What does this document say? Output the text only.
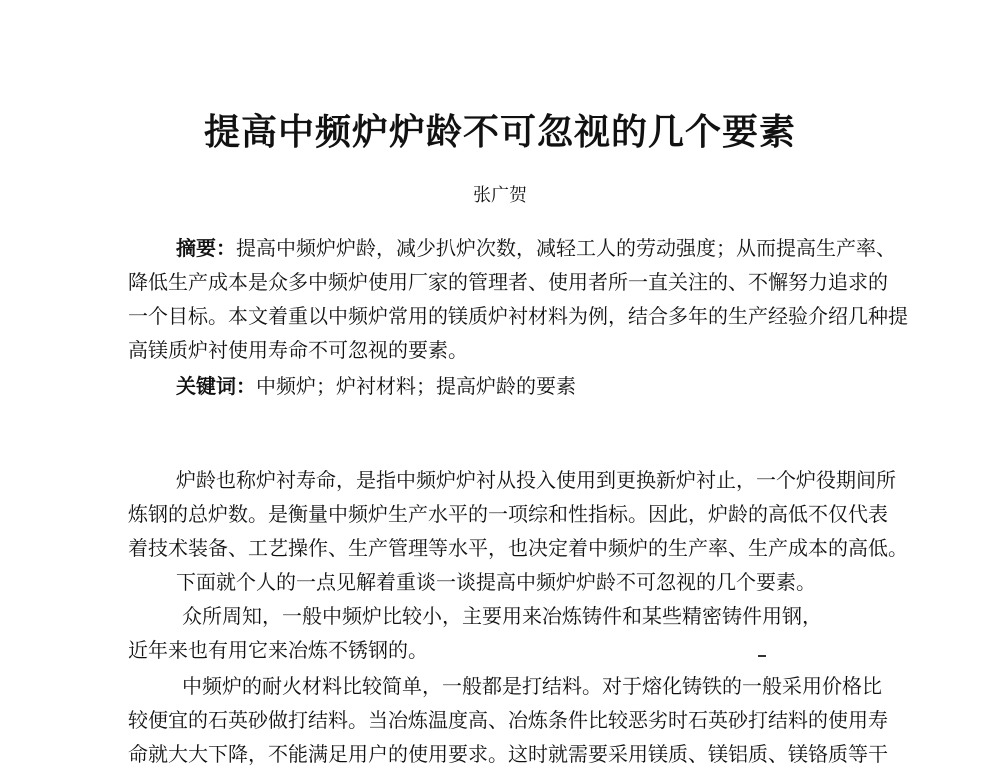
提高中频炉炉龄不可忽视的几个要素
张广贺
摘要：提高中频炉炉龄，减少扒炉次数，减轻工人的劳动强度；从而提高生产率、
降低生产成本是众多中频炉使用厂家的管理者、使用者所一直关注的、不懈努力追求的
一个目标。本文着重以中频炉常用的镁质炉衬材料为例，结合多年的生产经验介绍几种提
高镁质炉衬使用寿命不可忽视的要素。
关键词：中频炉；炉衬材料；提高炉龄的要素
炉龄也称炉衬寿命，是指中频炉炉衬从投入使用到更换新炉衬止，一个炉役期间所
炼钢的总炉数。是衡量中频炉生产水平的一项综和性指标。因此，炉龄的高低不仅代表
着技术装备、工艺操作、生产管理等水平，也决定着中频炉的生产率、生产成本的高低。
下面就个人的一点见解着重谈一谈提高中频炉炉龄不可忽视的几个要素。
众所周知，一般中频炉比较小，主要用来冶炼铸件和某些精密铸件用钢，
近年来也有用它来冶炼不锈钢的。
中频炉的耐火材料比较简单，一般都是打结料。对于熔化铸铁的一般采用价格比
较便宜的石英砂做打结料。当冶炼温度高、冶炼条件比较恶劣时石英砂打结料的使用寿
命就大大下降，不能满足用户的使用要求。这时就需要采用镁质、镁铝质、镁铬质等干
